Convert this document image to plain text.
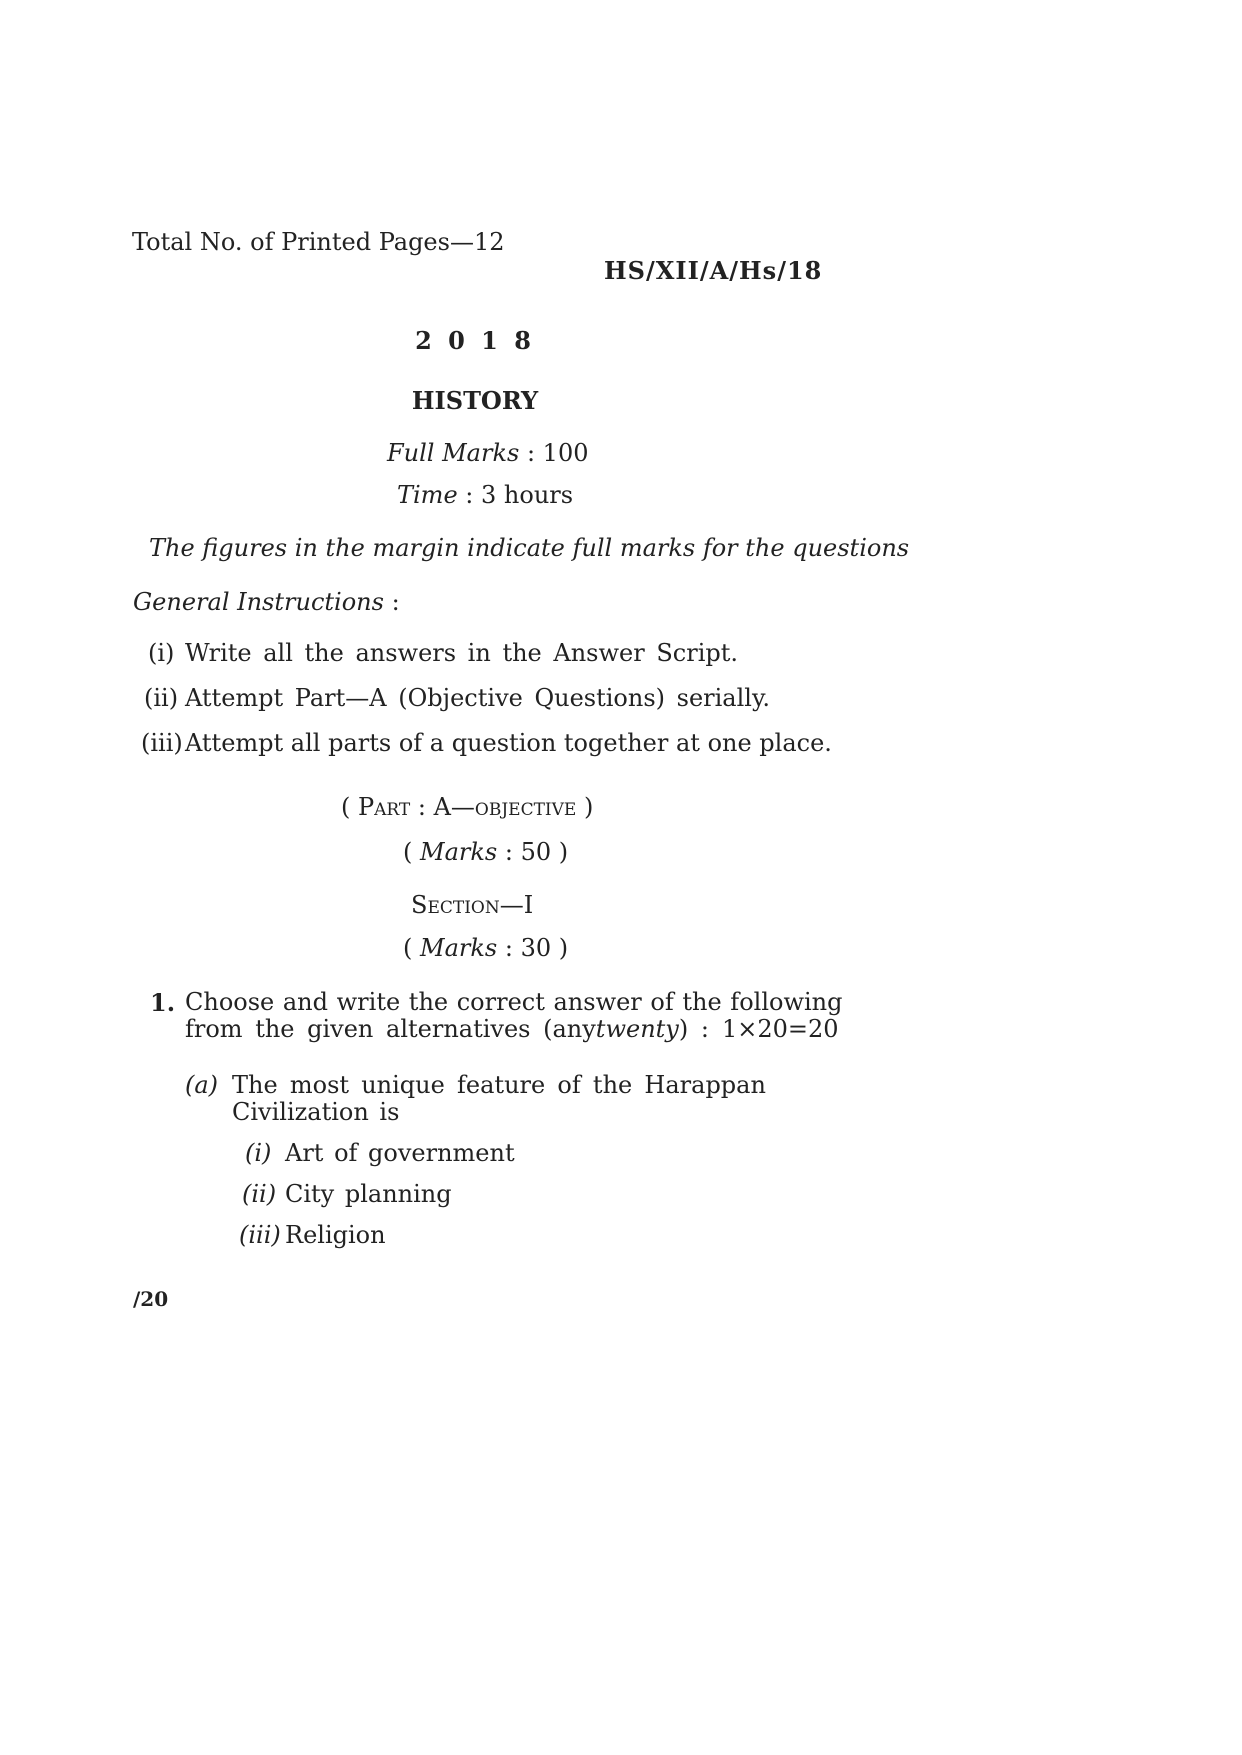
Total No. of Printed Pages—12
HS/XII/A/Hs/18
2 0 1 8
HISTORY
Full Marks : 100
Time : 3 hours
The figures in the margin indicate full marks for the questions
General Instructions :
(i) Write all the answers in the Answer Script.
(ii) Attempt Part—A (Objective Questions) serially.
(iii) Attempt all parts of a question together at one place.
( Part : A—objective )
( Marks : 50 )
Section—I
( Marks : 30 )
1. Choose and write the correct answer of the following
from the given alternatives (anytwenty) : 1×20=20
(a) The most unique feature of the Harappan
Civilization is
(i) Art of government
(ii) City planning
(iii) Religion
/20
